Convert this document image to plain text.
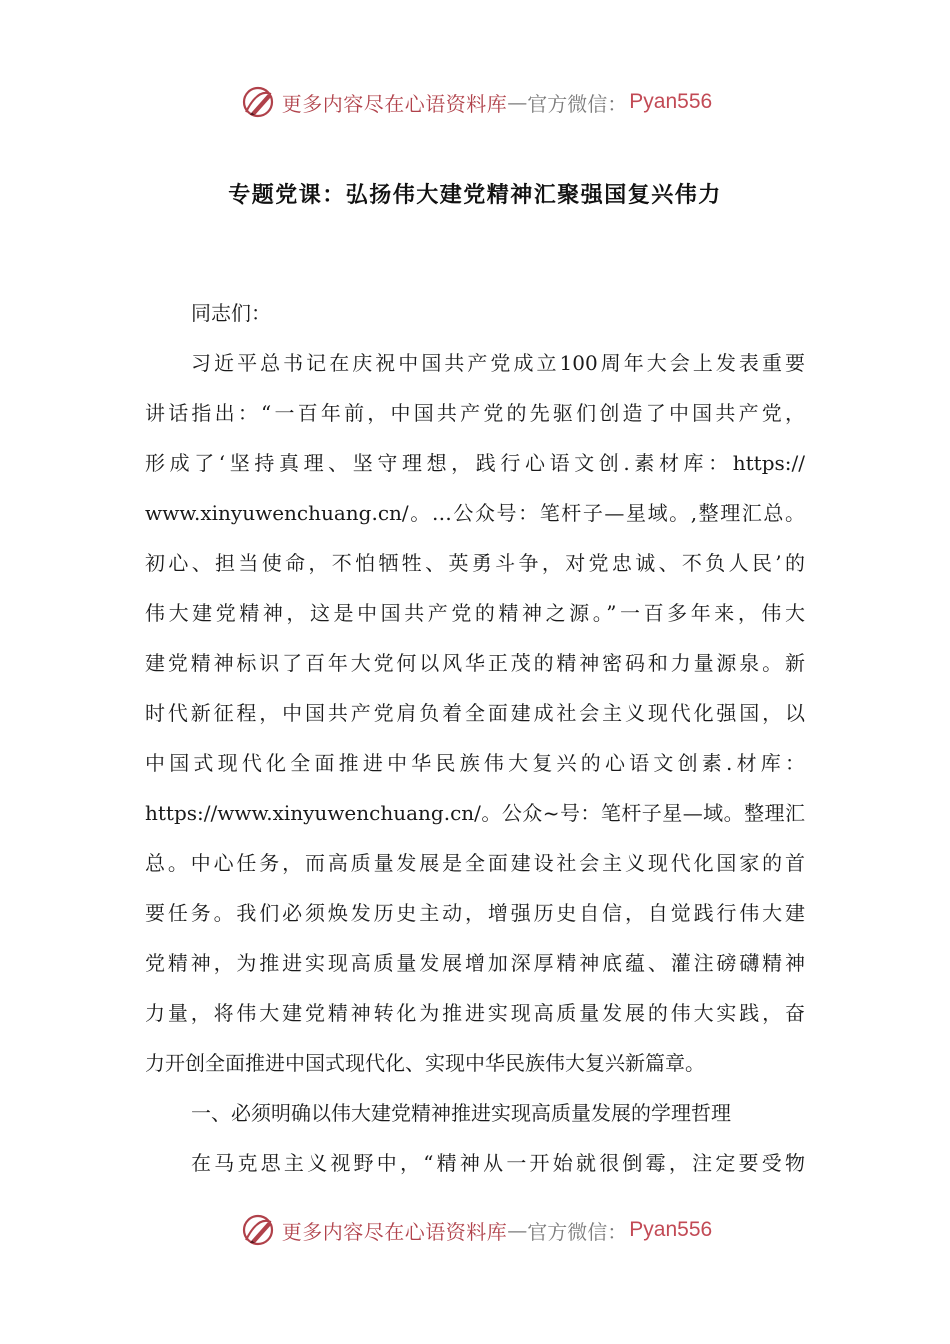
更多内容尽在心语资料库 — 官方微信： Pyan556
专题党课：弘扬伟大建党精神汇聚强国复兴伟力
同志们：
习近平总书记在庆祝中国共产党成立100周年大会上发表重要
讲话指出：“一百年前，中国共产党的先驱们创造了中国共产党，
形成了‘坚持真理、坚守理想，践行心语文创.素材库：https://
www.xinyuwenchuang.cn/。…公众号：笔杆子—星域。,整理汇总。
初心、担当使命，不怕牺牲、英勇斗争，对党忠诚、不负人民’的
伟大建党精神，这是中国共产党的精神之源。”一百多年来，伟大
建党精神标识了百年大党何以风华正茂的精神密码和力量源泉。新
时代新征程，中国共产党肩负着全面建成社会主义现代化强国，以
中国式现代化全面推进中华民族伟大复兴的心语文创素.材库：
https://www.xinyuwenchuang.cn/。公众~号：笔杆子星—域。整理汇
总。中心任务，而高质量发展是全面建设社会主义现代化国家的首
要任务。我们必须焕发历史主动，增强历史自信，自觉践行伟大建
党精神，为推进实现高质量发展增加深厚精神底蕴、灌注磅礴精神
力量，将伟大建党精神转化为推进实现高质量发展的伟大实践，奋
力开创全面推进中国式现代化、实现中华民族伟大复兴新篇章。
一、必须明确以伟大建党精神推进实现高质量发展的学理哲理
在马克思主义视野中，“精神从一开始就很倒霉，注定要受物
更多内容尽在心语资料库 — 官方微信： Pyan556
